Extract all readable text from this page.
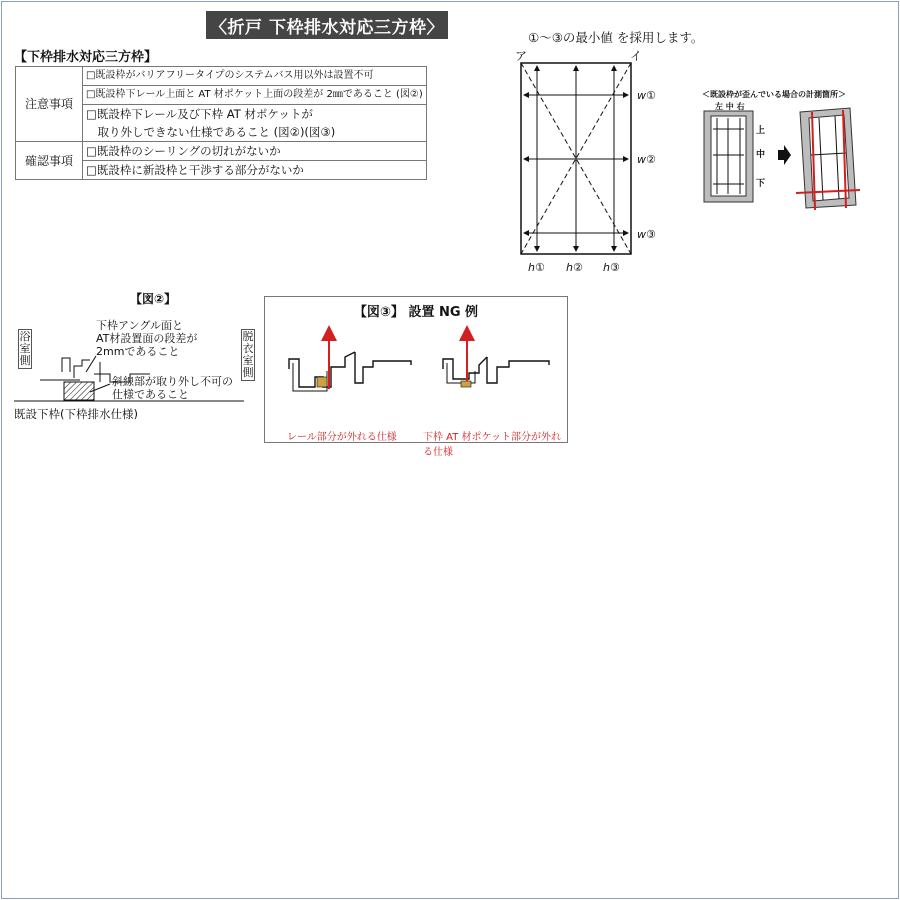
〈折戸 下枠排水対応三方枠〉
【下枠排水対応三方枠】
注意事項	□既設枠がバリアフリータイプのシステムバス用以外は設置不可
	□既設枠下レール上面と AT 材ポケット上面の段差が 2㎜であること (図②)
	□既設枠下レール及び下枠 AT 材ポケットが
	　取り外しできない仕様であること (図②)(図③)
確認事項	□既設枠のシーリングの切れがないか
	□既設枠に新設枠と干渉する部分がないか
①～③の最小値 を採用します。
ア	イ
w①
w②
w③
h① h② h③
＜既設枠が歪んでいる場合の計測箇所＞
左 中 右
上
中
下
【図②】
浴室側
脱衣室側
下枠アングル面と
AT材設置面の段差が
2mmであること
斜線部が取り外し不可の
仕様であること
既設下枠(下枠排水仕様)
【図③】 設置 NG 例
レール部分が外れる仕様	下枠 AT 材ポケット部分が外れる仕様
